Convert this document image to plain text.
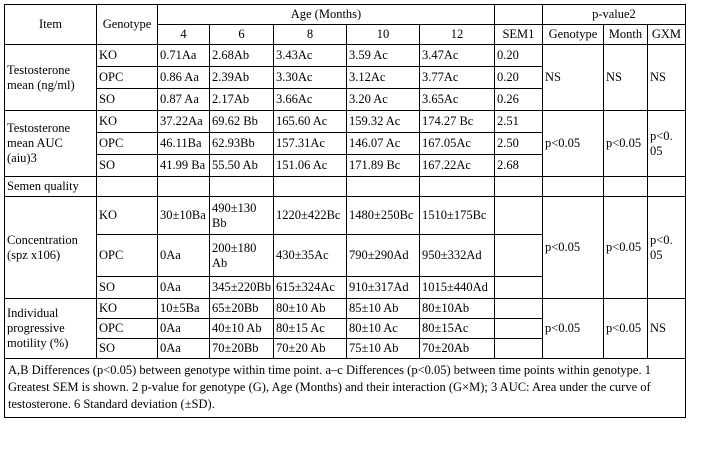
Item	Genotype	Age (Months)						p-value2		
		4	6	8	10	12	SEM1	Genotype	Month	GXM
Testosterone mean (ng/ml)	KO	0.71Aa	2.68Ab	3.43Ac	3.59 Ac	3.47Ac	0.20	NS	NS	NS
	OPC	0.86 Aa	2.39Ab	3.30Ac	3.12Ac	3.77Ac	0.20			
	SO	0.87 Aa	2.17Ab	3.66Ac	3.20 Ac	3.65Ac	0.26			
Testosterone mean AUC (aiu)3	KO	37.22Aa	69.62 Bb	165.60 Ac	159.32 Ac	174.27 Bc	2.51	p<0.05	p<0.05	p<0. 05
	OPC	46.11Ba	62.93Bb	157.31Ac	146.07 Ac	167.05Ac	2.50			
	SO	41.99 Ba	55.50 Ab	151.06 Ac	171.89 Bc	167.22Ac	2.68			
Semen quality										
Concentration (spz x106)	KO	30±10Ba	490±130 Bb	1220±422Bc	1480±250Bc	1510±175Bc		p<0.05	p<0.05	p<0. 05
	OPC	0Aa	200±180 Ab	430±35Ac	790±290Ad	950±332Ad				
	SO	0Aa	345±220Bb	615±324Ac	910±317Ad	1015±440Ad				
Individual progressive motility (%)	KO	10±5Ba	65±20Bb	80±10 Ab	85±10 Ab	80±10Ab		p<0.05	p<0.05	NS
	OPC	0Aa	40±10 Ab	80±15 Ac	80±10 Ac	80±15Ac				
	SO	0Aa	70±20Bb	70±20 Ab	75±10 Ab	70±20Ab				
A,B Differences (p<0.05) between genotype within time point. a–c Differences (p<0.05) between time points within genotype. 1 Greatest SEM is shown. 2 p-value for genotype (G), Age (Months) and their interaction (G×M); 3 AUC: Area under the curve of testosterone. 6 Standard deviation (±SD).										
